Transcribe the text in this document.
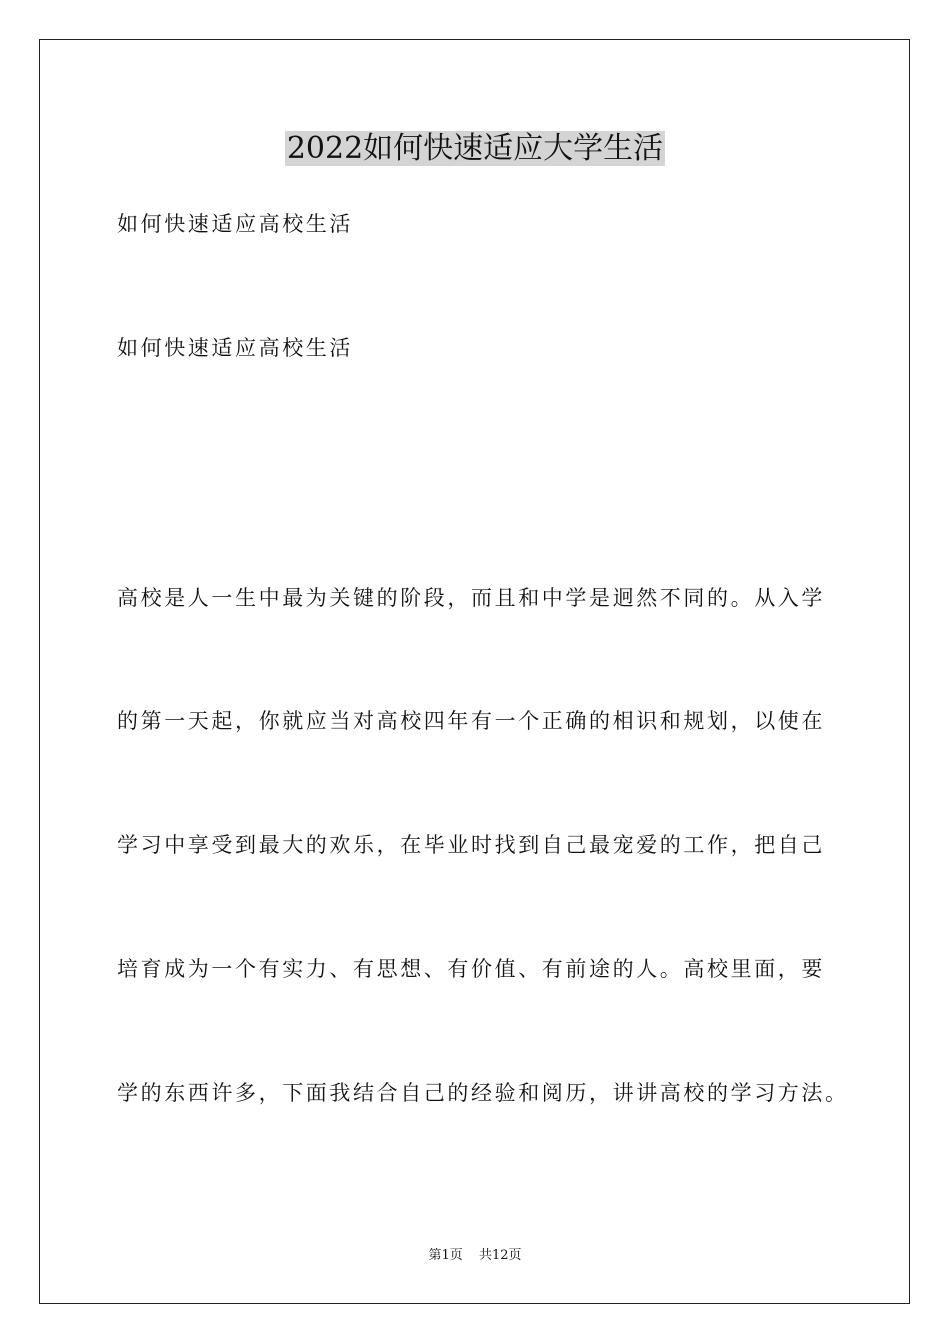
2022如何快速适应大学生活
如何快速适应高校生活
如何快速适应高校生活
高校是人一生中最为关键的阶段，而且和中学是迥然不同的。从入学
的第一天起，你就应当对高校四年有一个正确的相识和规划，以使在
学习中享受到最大的欢乐，在毕业时找到自己最宠爱的工作，把自己
培育成为一个有实力、有思想、有价值、有前途的人。高校里面，要
学的东西许多，下面我结合自己的经验和阅历，讲讲高校的学习方法。
第1页 共12页
